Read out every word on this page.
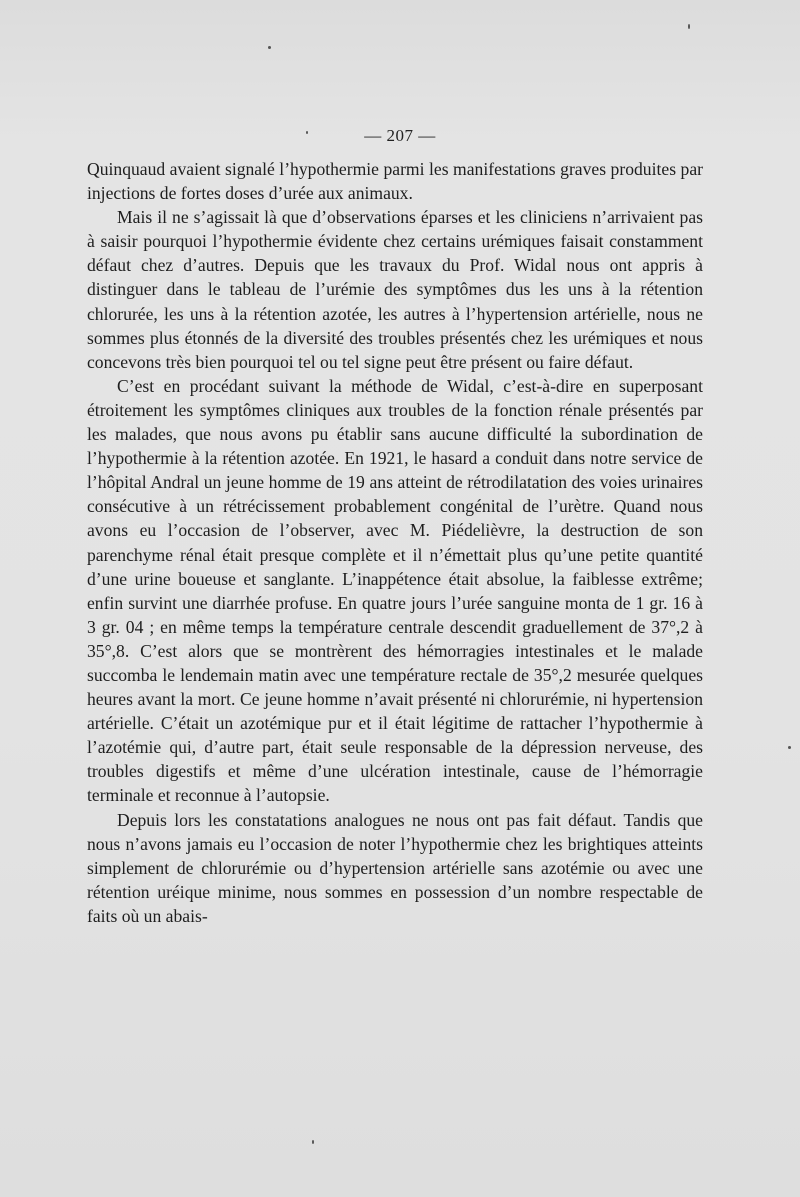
— 207 —

Quinquaud avaient signalé l’hypothermie parmi les manifestations graves produites par injections de fortes doses d’urée aux animaux.

Mais il ne s’agissait là que d’observations éparses et les cliniciens n’arrivaient pas à saisir pourquoi l’hypothermie évidente chez certains urémiques faisait constamment défaut chez d’autres. Depuis que les travaux du Prof. Widal nous ont appris à distinguer dans le tableau de l’urémie des symptômes dus les uns à la rétention chlorurée, les uns à la rétention azotée, les autres à l’hypertension artérielle, nous ne sommes plus étonnés de la diversité des troubles présentés chez les urémiques et nous concevons très bien pourquoi tel ou tel signe peut être présent ou faire défaut.

C’est en procédant suivant la méthode de Widal, c’est-à-dire en superposant étroitement les symptômes cliniques aux troubles de la fonction rénale présentés par les malades, que nous avons pu établir sans aucune difficulté la subordination de l’hypothermie à la rétention azotée. En 1921, le hasard a conduit dans notre service de l’hôpital Andral un jeune homme de 19 ans atteint de rétrodilatation des voies urinaires consécutive à un rétrécissement probablement congénital de l’urètre. Quand nous avons eu l’occasion de l’observer, avec M. Piédelièvre, la destruction de son parenchyme rénal était presque complète et il n’émettait plus qu’une petite quantité d’une urine boueuse et sanglante. L’inappétence était absolue, la faiblesse extrême; enfin survint une diarrhée profuse. En quatre jours l’urée sanguine monta de 1 gr. 16 à 3 gr. 04 ; en même temps la température centrale descendit graduellement de 37°,2 à 35°,8. C’est alors que se montrèrent des hémorragies intestinales et le malade succomba le lendemain matin avec une température rectale de 35°,2 mesurée quelques heures avant la mort. Ce jeune homme n’avait présenté ni chlorurémie, ni hypertension artérielle. C’était un azotémique pur et il était légitime de rattacher l’hypothermie à l’azotémie qui, d’autre part, était seule responsable de la dépression nerveuse, des troubles digestifs et même d’une ulcération intestinale, cause de l’hémorragie terminale et reconnue à l’autopsie.

Depuis lors les constatations analogues ne nous ont pas fait défaut. Tandis que nous n’avons jamais eu l’occasion de noter l’hypothermie chez les brightiques atteints simplement de chlorurémie ou d’hypertension artérielle sans azotémie ou avec une rétention uréique minime, nous sommes en possession d’un nombre respectable de faits où un abais-
